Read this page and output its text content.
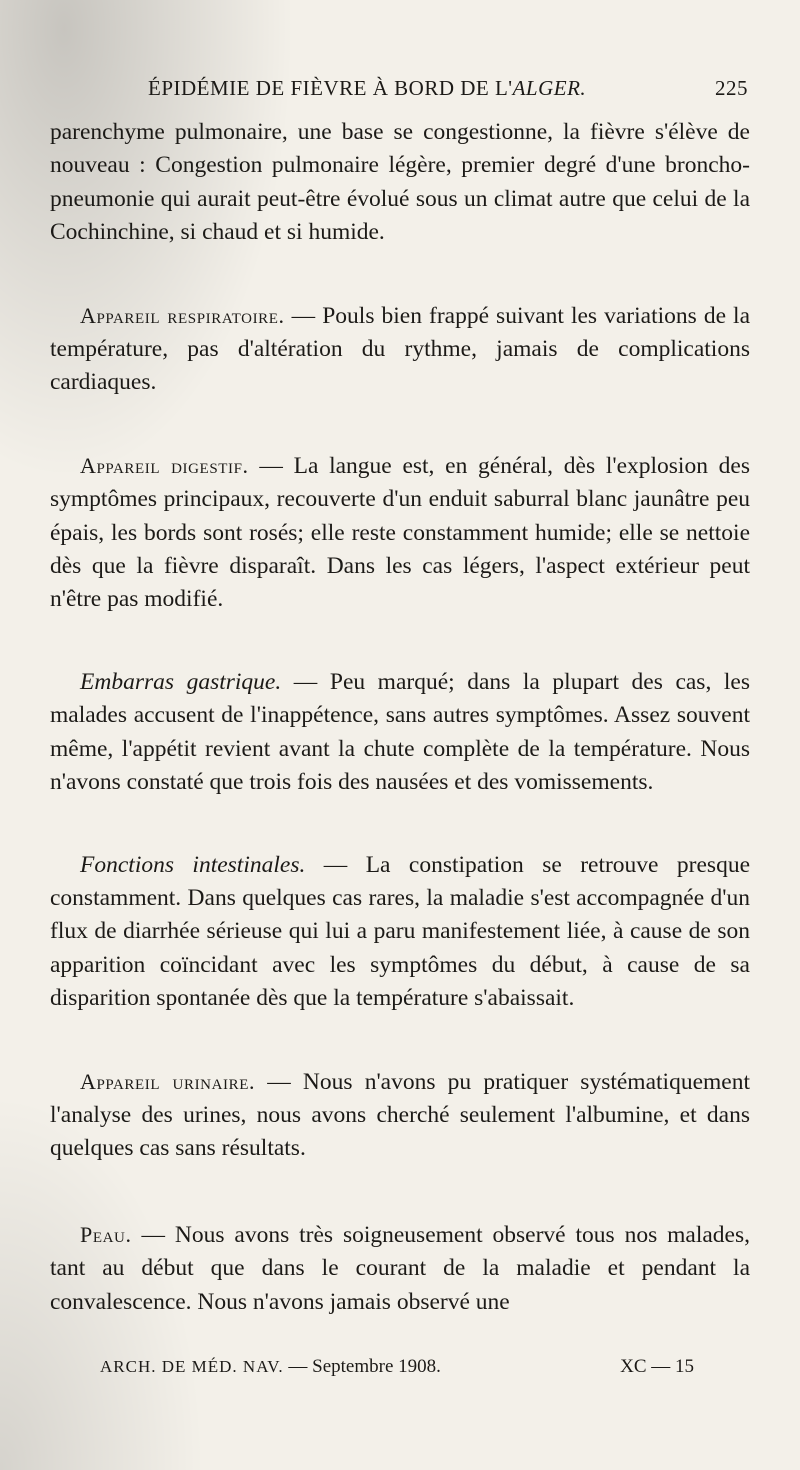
ÉPIDÉMIE DE FIÈVRE À BORD DE L'ALGER.	225

parenchyme pulmonaire, une base se congestionne, la fièvre s'élève de nouveau : Congestion pulmonaire légère, premier degré d'une broncho-pneumonie qui aurait peut-être évolué sous un climat autre que celui de la Cochinchine, si chaud et si humide.

Appareil respiratoire. — Pouls bien frappé suivant les variations de la température, pas d'altération du rythme, jamais de complications cardiaques.

Appareil digestif. — La langue est, en général, dès l'explosion des symptômes principaux, recouverte d'un enduit saburral blanc jaunâtre peu épais, les bords sont rosés; elle reste constamment humide; elle se nettoie dès que la fièvre disparaît. Dans les cas légers, l'aspect extérieur peut n'être pas modifié.

Embarras gastrique. — Peu marqué; dans la plupart des cas, les malades accusent de l'inappétence, sans autres symptômes. Assez souvent même, l'appétit revient avant la chute complète de la température. Nous n'avons constaté que trois fois des nausées et des vomissements.

Fonctions intestinales. — La constipation se retrouve presque constamment. Dans quelques cas rares, la maladie s'est accompagnée d'un flux de diarrhée sérieuse qui lui a paru manifestement liée, à cause de son apparition coïncidant avec les symptômes du début, à cause de sa disparition spontanée dès que la température s'abaissait.

Appareil urinaire. — Nous n'avons pu pratiquer systématiquement l'analyse des urines, nous avons cherché seulement l'albumine, et dans quelques cas sans résultats.

Peau. — Nous avons très soigneusement observé tous nos malades, tant au début que dans le courant de la maladie et pendant la convalescence. Nous n'avons jamais observé une

ARCH. DE MÉD. NAV. — Septembre 1908.	XC — 15
